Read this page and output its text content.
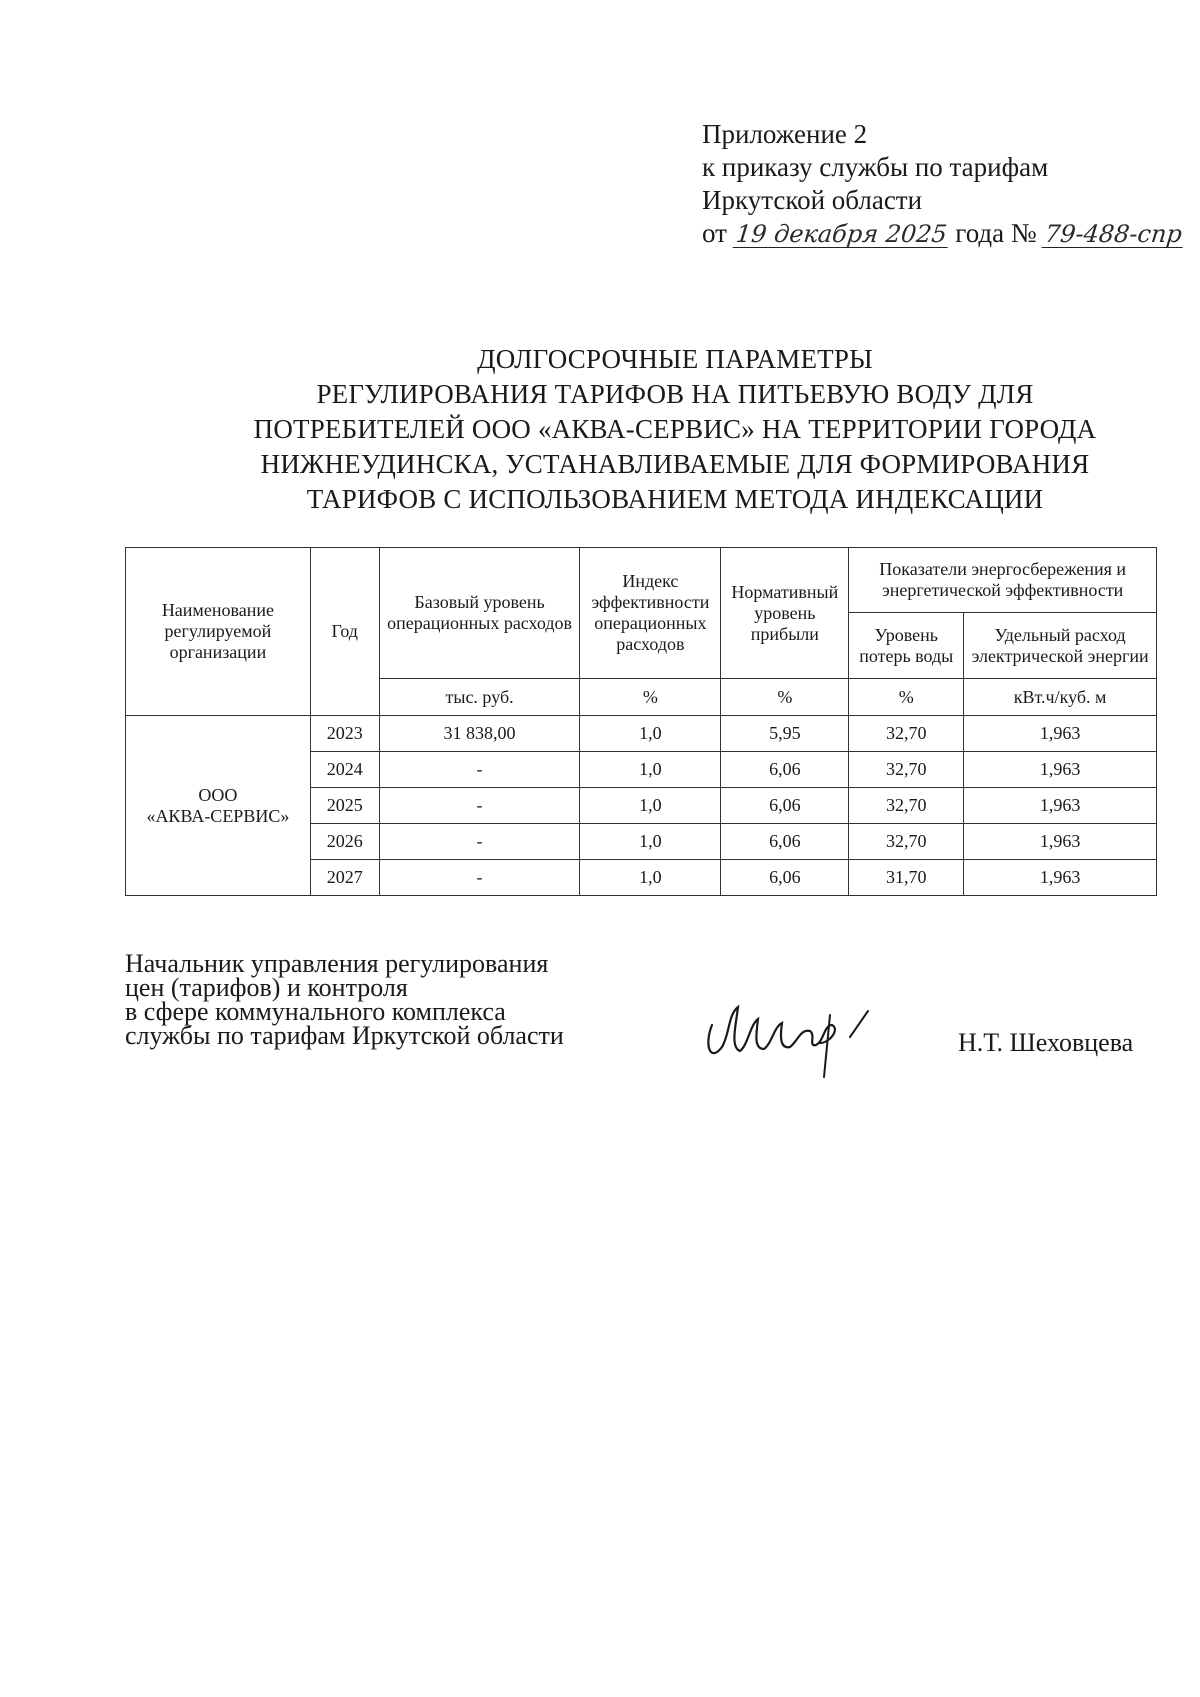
Приложение 2
к приказу службы по тарифам
Иркутской области
от 19 декабря 2025 года № 79-488-спр
ДОЛГОСРОЧНЫЕ ПАРАМЕТРЫ
РЕГУЛИРОВАНИЯ ТАРИФОВ НА ПИТЬЕВУЮ ВОДУ ДЛЯ
ПОТРЕБИТЕЛЕЙ ООО «АКВА-СЕРВИС» НА ТЕРРИТОРИИ ГОРОДА
НИЖНЕУДИНСКА, УСТАНАВЛИВАЕМЫЕ ДЛЯ ФОРМИРОВАНИЯ
ТАРИФОВ С ИСПОЛЬЗОВАНИЕМ МЕТОДА ИНДЕКСАЦИИ
Наименование регулируемой организации	Год	Базовый уровень операционных расходов	Индекс эффективности операционных расходов	Нормативный уровень прибыли	Показатели энергосбережения и энергетической эффективности	
					Уровень потерь воды	Удельный расход электрической энергии
		тыс. руб.	%	%	%	кВт.ч/куб. м

ООО
«АКВА-СЕРВИС»	2023	31 838,00	1,0	5,95	32,70	1,963
	2024	-	1,0	6,06	32,70	1,963
	2025	-	1,0	6,06	32,70	1,963
	2026	-	1,0	6,06	32,70	1,963
	2027	-	1,0	6,06	31,70	1,963
Начальник управления регулирования
цен (тарифов) и контроля
в сфере коммунального комплекса
службы по тарифам Иркутской области	Н.Т. Шеховцева
